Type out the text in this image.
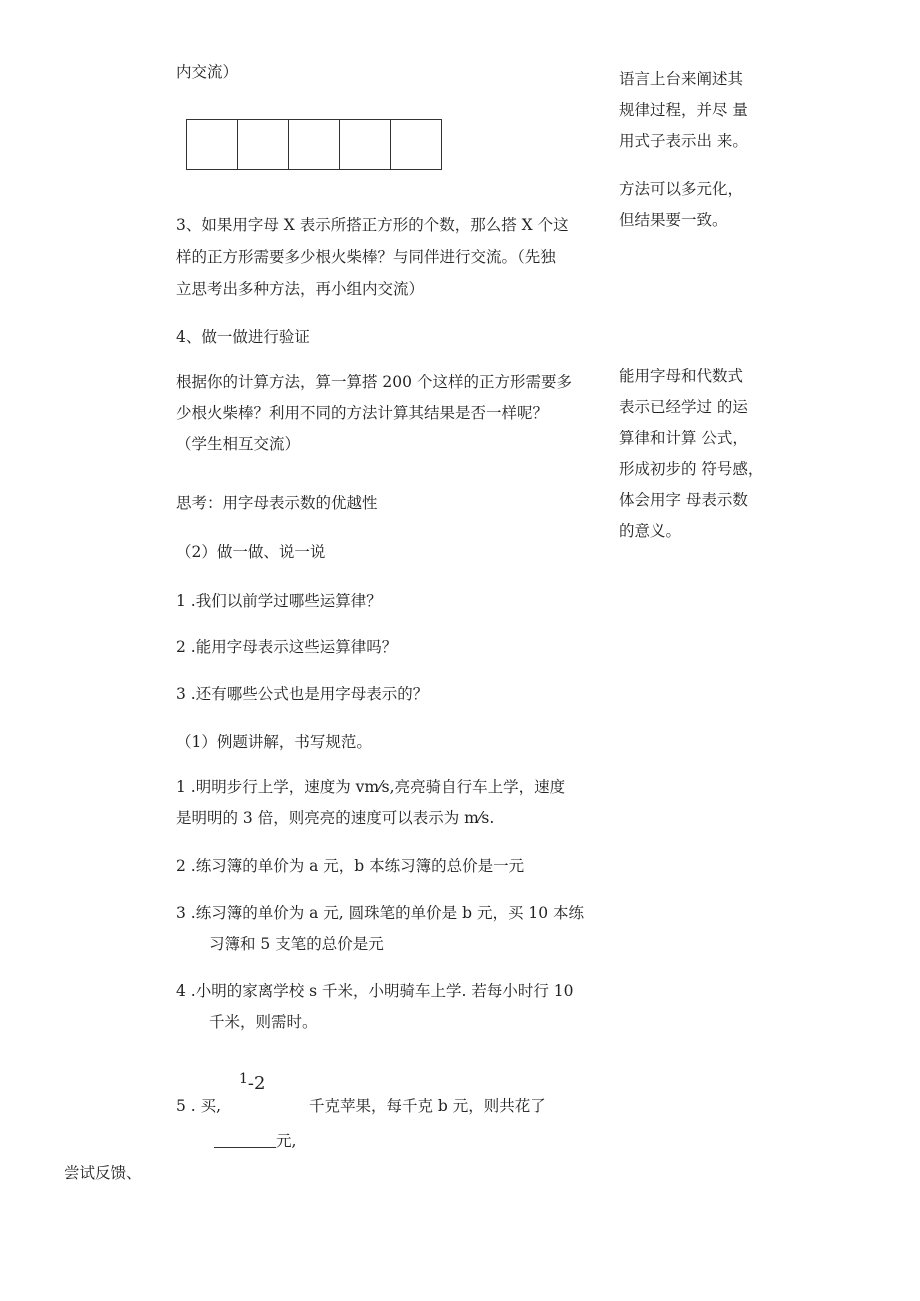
内交流）
3、如果用字母 X 表示所搭正方形的个数，那么搭 X 个这
样的正方形需要多少根火柴棒？与同伴进行交流。（先独
立思考出多种方法，再小组内交流）
4、做一做进行验证
根据你的计算方法，算一算搭 200 个这样的正方形需要多
少根火柴棒？利用不同的方法计算其结果是否一样呢？
（学生相互交流）
思考：用字母表示数的优越性
（2）做一做、说一说
1 .我们以前学过哪些运算律？
2 .能用字母表示这些运算律吗？
3 .还有哪些公式也是用字母表示的？
（1）例题讲解，书写规范。
1 .明明步行上学，速度为 vm⁄s,亮亮骑自行车上学，速度
是明明的 3 倍，则亮亮的速度可以表示为 m⁄s.
2 .练习簿的单价为 a 元，b 本练习簿的总价是一元
3 .练习簿的单价为 a 元, 圆珠笔的单价是 b 元，买 10 本练
习簿和 5 支笔的总价是元
4 .小明的家离学校 s 千米，小明骑车上学. 若每小时行 10
千米，则需时。
$^1$-2
5 . 买,	千克苹果，每千克 b 元，则共花了
元,
尝试反馈、

语言上台来阐述其

规律过程，并尽 量

用式子表示出 来。

方法可以多元化，

但结果要一致。

能用字母和代数式

表示已经学过 的运

算律和计算 公式，

形成初步的 符号感，

体会用字 母表示数

的意义。
